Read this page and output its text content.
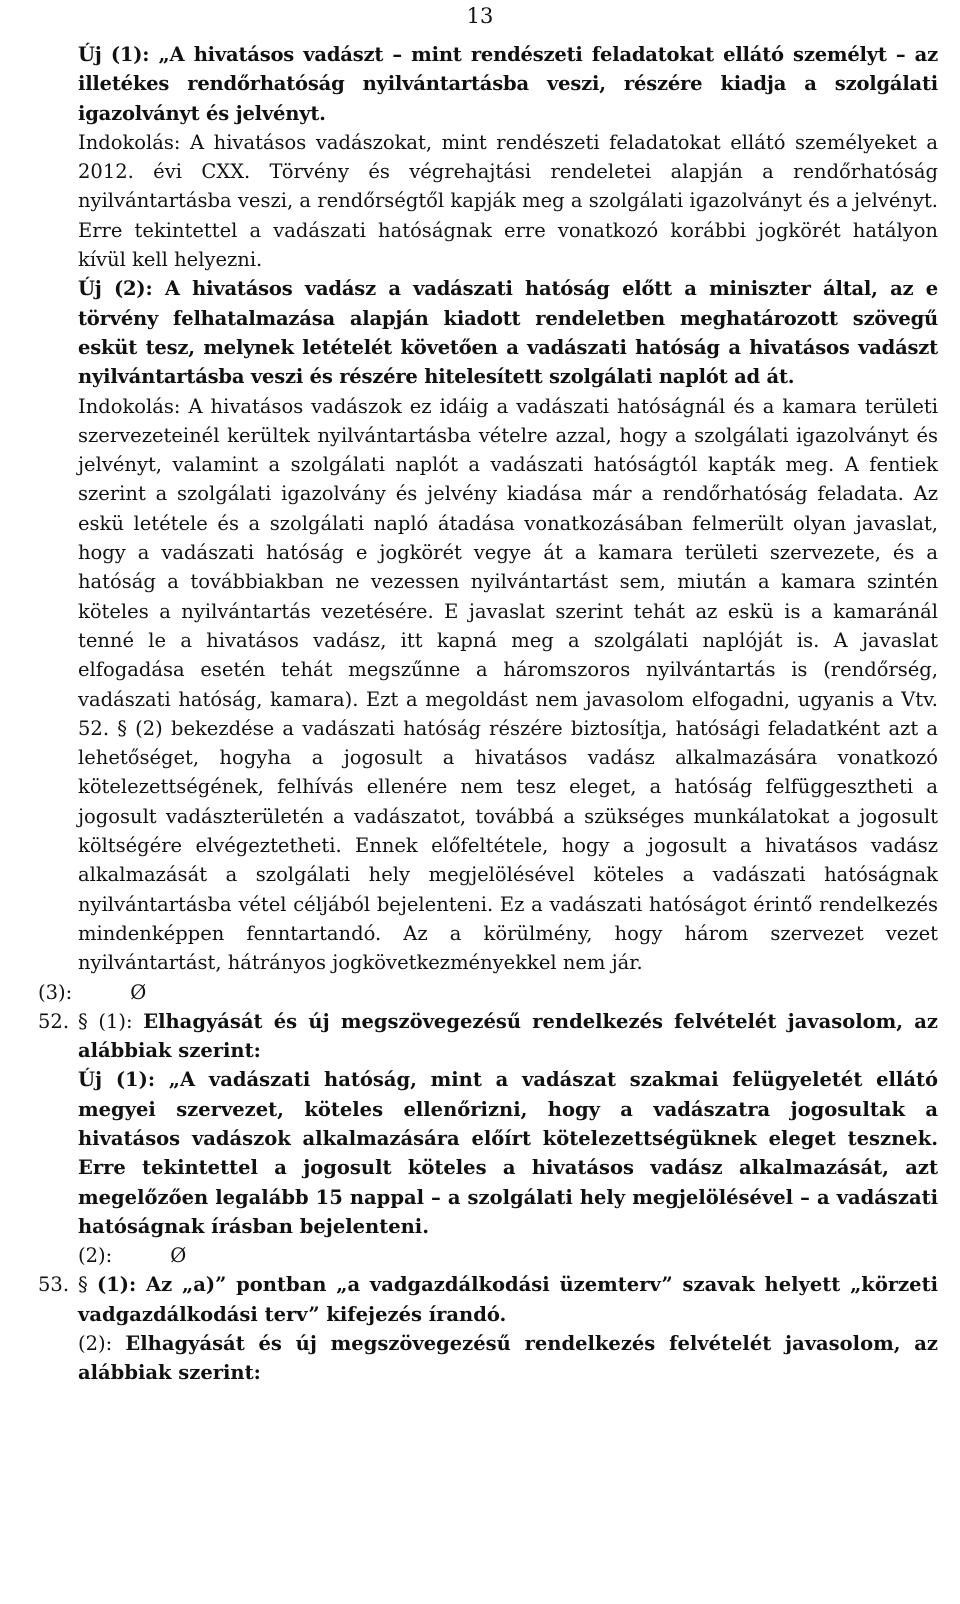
13

Új (1): „A hivatásos vadászt – mint rendészeti feladatokat ellátó személyt – az illetékes rendőrhatóság nyilvántartásba veszi, részére kiadja a szolgálati igazolványt és jelvényt.

Indokolás: A hivatásos vadászokat, mint rendészeti feladatokat ellátó személyeket a 2012. évi CXX. Törvény és végrehajtási rendeletei alapján a rendőrhatóság nyilvántartásba veszi, a rendőrségtől kapják meg a szolgálati igazolványt és a jelvényt. Erre tekintettel a vadászati hatóságnak erre vonatkozó korábbi jogkörét hatályon kívül kell helyezni.

Új (2): A hivatásos vadász a vadászati hatóság előtt a miniszter által, az e törvény felhatalmazása alapján kiadott rendeletben meghatározott szövegű esküt tesz, melynek letételét követően a vadászati hatóság a hivatásos vadászt nyilvántartásba veszi és részére hitelesített szolgálati naplót ad át.

Indokolás: A hivatásos vadászok ez idáig a vadászati hatóságnál és a kamara területi szervezeteinél kerültek nyilvántartásba vételre azzal, hogy a szolgálati igazolványt és jelvényt, valamint a szolgálati naplót a vadászati hatóságtól kapták meg. A fentiek szerint a szolgálati igazolvány és jelvény kiadása már a rendőrhatóság feladata. Az eskü letétele és a szolgálati napló átadása vonatkozásában felmerült olyan javaslat, hogy a vadászati hatóság e jogkörét vegye át a kamara területi szervezete, és a hatóság a továbbiakban ne vezessen nyilvántartást sem, miután a kamara szintén köteles a nyilvántartás vezetésére. E javaslat szerint tehát az eskü is a kamaránál tenné le a hivatásos vadász, itt kapná meg a szolgálati naplóját is. A javaslat elfogadása esetén tehát megszűnne a háromszoros nyilvántartás is (rendőrség, vadászati hatóság, kamara). Ezt a megoldást nem javasolom elfogadni, ugyanis a Vtv. 52. § (2) bekezdése a vadászati hatóság részére biztosítja, hatósági feladatként azt a lehetőséget, hogyha a jogosult a hivatásos vadász alkalmazására vonatkozó kötelezettségének, felhívás ellenére nem tesz eleget, a hatóság felfüggesztheti a jogosult vadászterületén a vadászatot, továbbá a szükséges munkálatokat a jogosult költségére elvégeztetheti. Ennek előfeltétele, hogy a jogosult a hivatásos vadász alkalmazását a szolgálati hely megjelölésével köteles a vadászati hatóságnak nyilvántartásba vétel céljából bejelenteni. Ez a vadászati hatóságot érintő rendelkezés mindenképpen fenntartandó. Az a körülmény, hogy három szervezet vezet nyilvántartást, hátrányos jogkövetkezményekkel nem jár.

(3):	Ø
52. § (1): Elhagyását és új megszövegezésű rendelkezés felvételét javasolom, az alábbiak szerint:

Új (1): „A vadászati hatóság, mint a vadászat szakmai felügyeletét ellátó megyei szervezet, köteles ellenőrizni, hogy a vadászatra jogosultak a hivatásos vadászok alkalmazására előírt kötelezettségüknek eleget tesznek. Erre tekintettel a jogosult köteles a hivatásos vadász alkalmazását, azt megelőzően legalább 15 nappal – a szolgálati hely megjelölésével – a vadászati hatóságnak írásban bejelenteni.

(2):	Ø
53. § (1): Az „a)” pontban „a vadgazdálkodási üzemterv” szavak helyett „körzeti vadgazdálkodási terv” kifejezés írandó.

(2): Elhagyását és új megszövegezésű rendelkezés felvételét javasolom, az alábbiak szerint:
